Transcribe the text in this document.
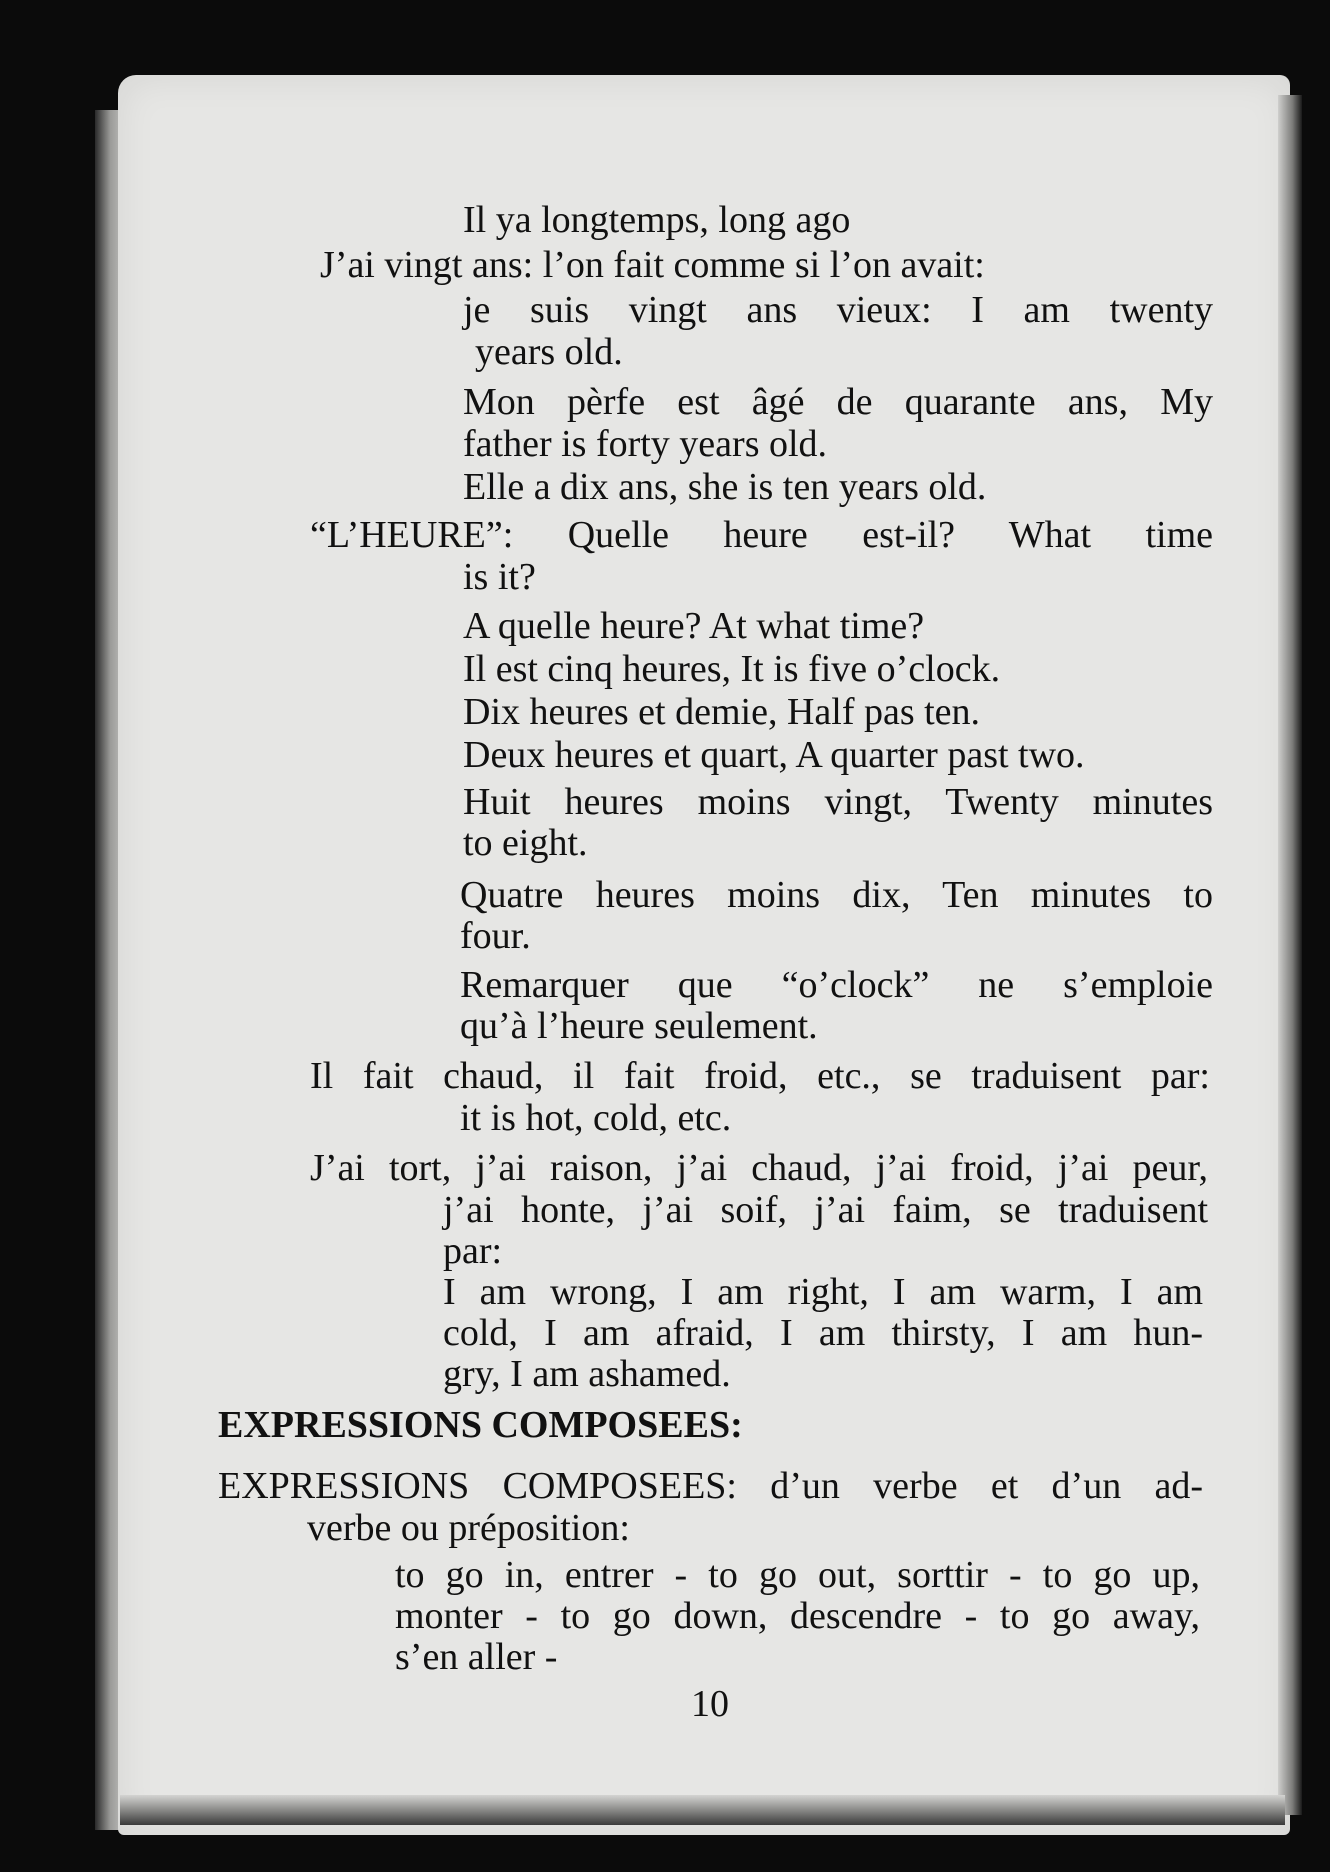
Il ya longtemps, long ago
J’ai vingt ans: l’on fait comme si l’on avait:
je suis vingt ans vieux: I am twenty
years old.
Mon pèrfe est âgé de quarante ans, My
father is forty years old.
Elle a dix ans, she is ten years old.
“L’HEURE”: Quelle heure est-il? What time
is it?
A quelle heure? At what time?
Il est cinq heures, It is five o’clock.
Dix heures et demie, Half pas ten.
Deux heures et quart, A quarter past two.
Huit heures moins vingt, Twenty minutes
to eight.
Quatre heures moins dix, Ten minutes to
four.
Remarquer que “o’clock” ne s’emploie
qu’à l’heure seulement.
Il fait chaud, il fait froid, etc., se traduisent par:
it is hot, cold, etc.
J’ai tort, j’ai raison, j’ai chaud, j’ai froid, j’ai peur,
j’ai honte, j’ai soif, j’ai faim, se traduisent
par:
I am wrong, I am right, I am warm, I am
cold, I am afraid, I am thirsty, I am hun-
gry, I am ashamed.
EXPRESSIONS COMPOSEES:
EXPRESSIONS COMPOSEES: d’un verbe et d’un ad-
verbe ou préposition:
to go in, entrer - to go out, sorttir - to go up,
monter - to go down, descendre - to go away,
s’en aller -
10
